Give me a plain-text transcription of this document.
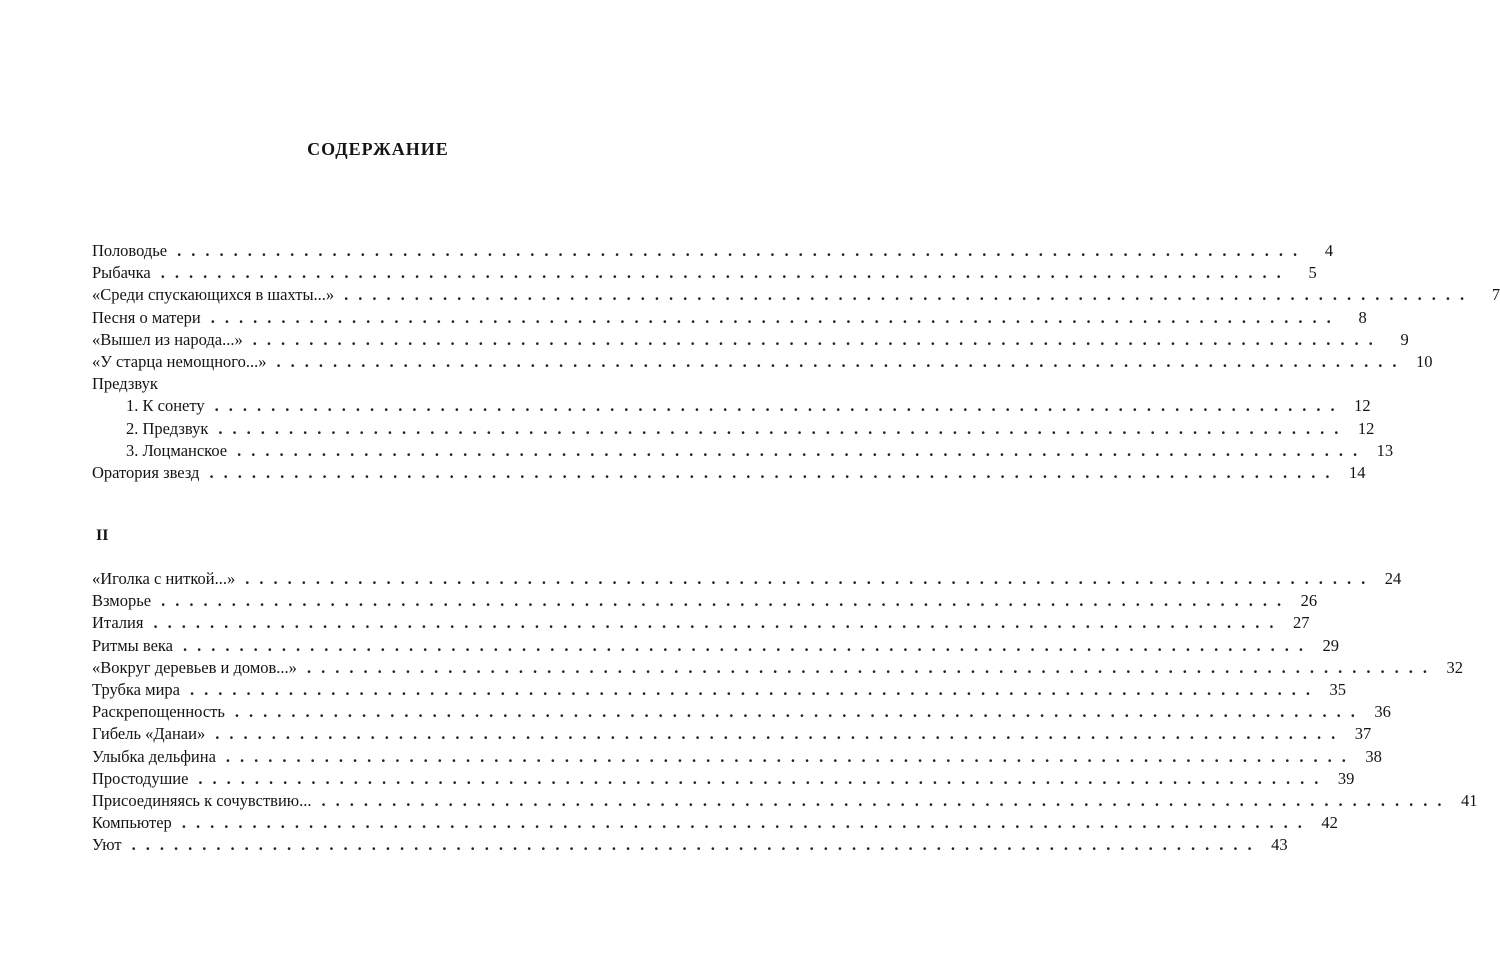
СОДЕРЖАНИЕ
Половодье ................................................................................	4
Рыбачка ................................................................................	5
«Среди спускающихся в шахты...» ................................................................................	7
Песня о матери ................................................................................	8
«Вышел из народа...» ................................................................................	9
«У старца немощного...» ................................................................................ 10
Предзвук
1. К сонету ................................................................................ 12
2. Предзвук ................................................................................ 12
3. Лоцманское ................................................................................ 13
Оратория звезд ................................................................................ 14
II
«Иголка с ниткой...» ................................................................................ 24
Взморье ................................................................................ 26
Италия ................................................................................ 27
Ритмы века ................................................................................ 29
«Вокруг деревьев и домов...» ................................................................................ 32
Трубка мира ................................................................................ 35
Раскрепощенность ................................................................................ 36
Гибель «Данаи» ................................................................................ 37
Улыбка дельфина ................................................................................ 38
Простодушие ................................................................................ 39
Присоединяясь к сочувствию... ................................................................................ 41
Компьютер ................................................................................ 42
Уют ................................................................................ 43
